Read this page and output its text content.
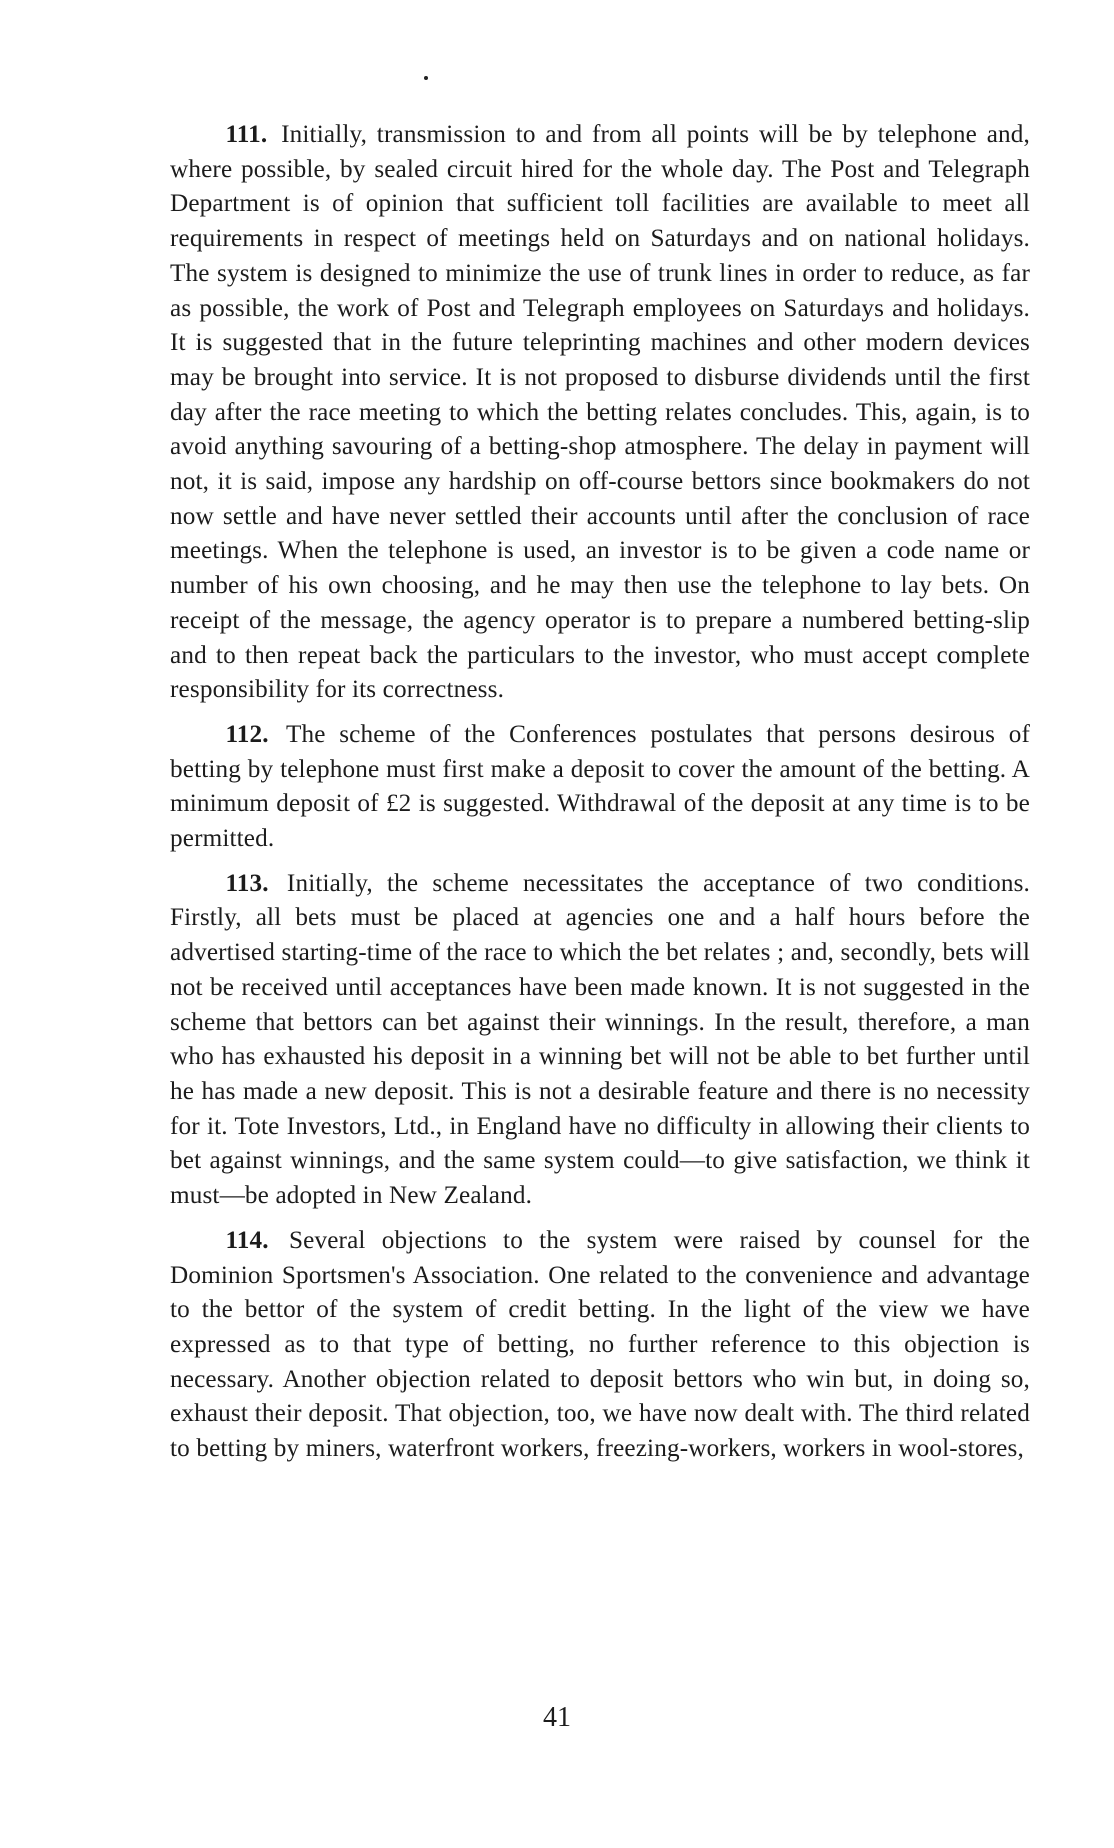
111. Initially, transmission to and from all points will be by telephone and, where possible, by sealed circuit hired for the whole day. The Post and Telegraph Department is of opinion that sufficient toll facilities are available to meet all requirements in respect of meetings held on Saturdays and on national holidays. The system is designed to minimize the use of trunk lines in order to reduce, as far as possible, the work of Post and Telegraph employees on Saturdays and holidays. It is suggested that in the future teleprinting machines and other modern devices may be brought into service. It is not proposed to disburse dividends until the first day after the race meeting to which the betting relates concludes. This, again, is to avoid anything savouring of a betting-shop atmosphere. The delay in payment will not, it is said, impose any hardship on off-course bettors since bookmakers do not now settle and have never settled their accounts until after the conclusion of race meetings. When the telephone is used, an investor is to be given a code name or number of his own choosing, and he may then use the telephone to lay bets. On receipt of the message, the agency operator is to prepare a numbered betting-slip and to then repeat back the particulars to the investor, who must accept complete responsibility for its correctness.

112. The scheme of the Conferences postulates that persons desirous of betting by telephone must first make a deposit to cover the amount of the betting. A minimum deposit of £2 is suggested. Withdrawal of the deposit at any time is to be permitted.

113. Initially, the scheme necessitates the acceptance of two conditions. Firstly, all bets must be placed at agencies one and a half hours before the advertised starting-time of the race to which the bet relates ; and, secondly, bets will not be received until acceptances have been made known. It is not suggested in the scheme that bettors can bet against their winnings. In the result, therefore, a man who has exhausted his deposit in a winning bet will not be able to bet further until he has made a new deposit. This is not a desirable feature and there is no necessity for it. Tote Investors, Ltd., in England have no difficulty in allowing their clients to bet against winnings, and the same system could—to give satisfaction, we think it must—be adopted in New Zealand.

114. Several objections to the system were raised by counsel for the Dominion Sportsmen's Association. One related to the convenience and advantage to the bettor of the system of credit betting. In the light of the view we have expressed as to that type of betting, no further reference to this objection is necessary. Another objection related to deposit bettors who win but, in doing so, exhaust their deposit. That objection, too, we have now dealt with. The third related to betting by miners, waterfront workers, freezing-workers, workers in wool-stores,

41
